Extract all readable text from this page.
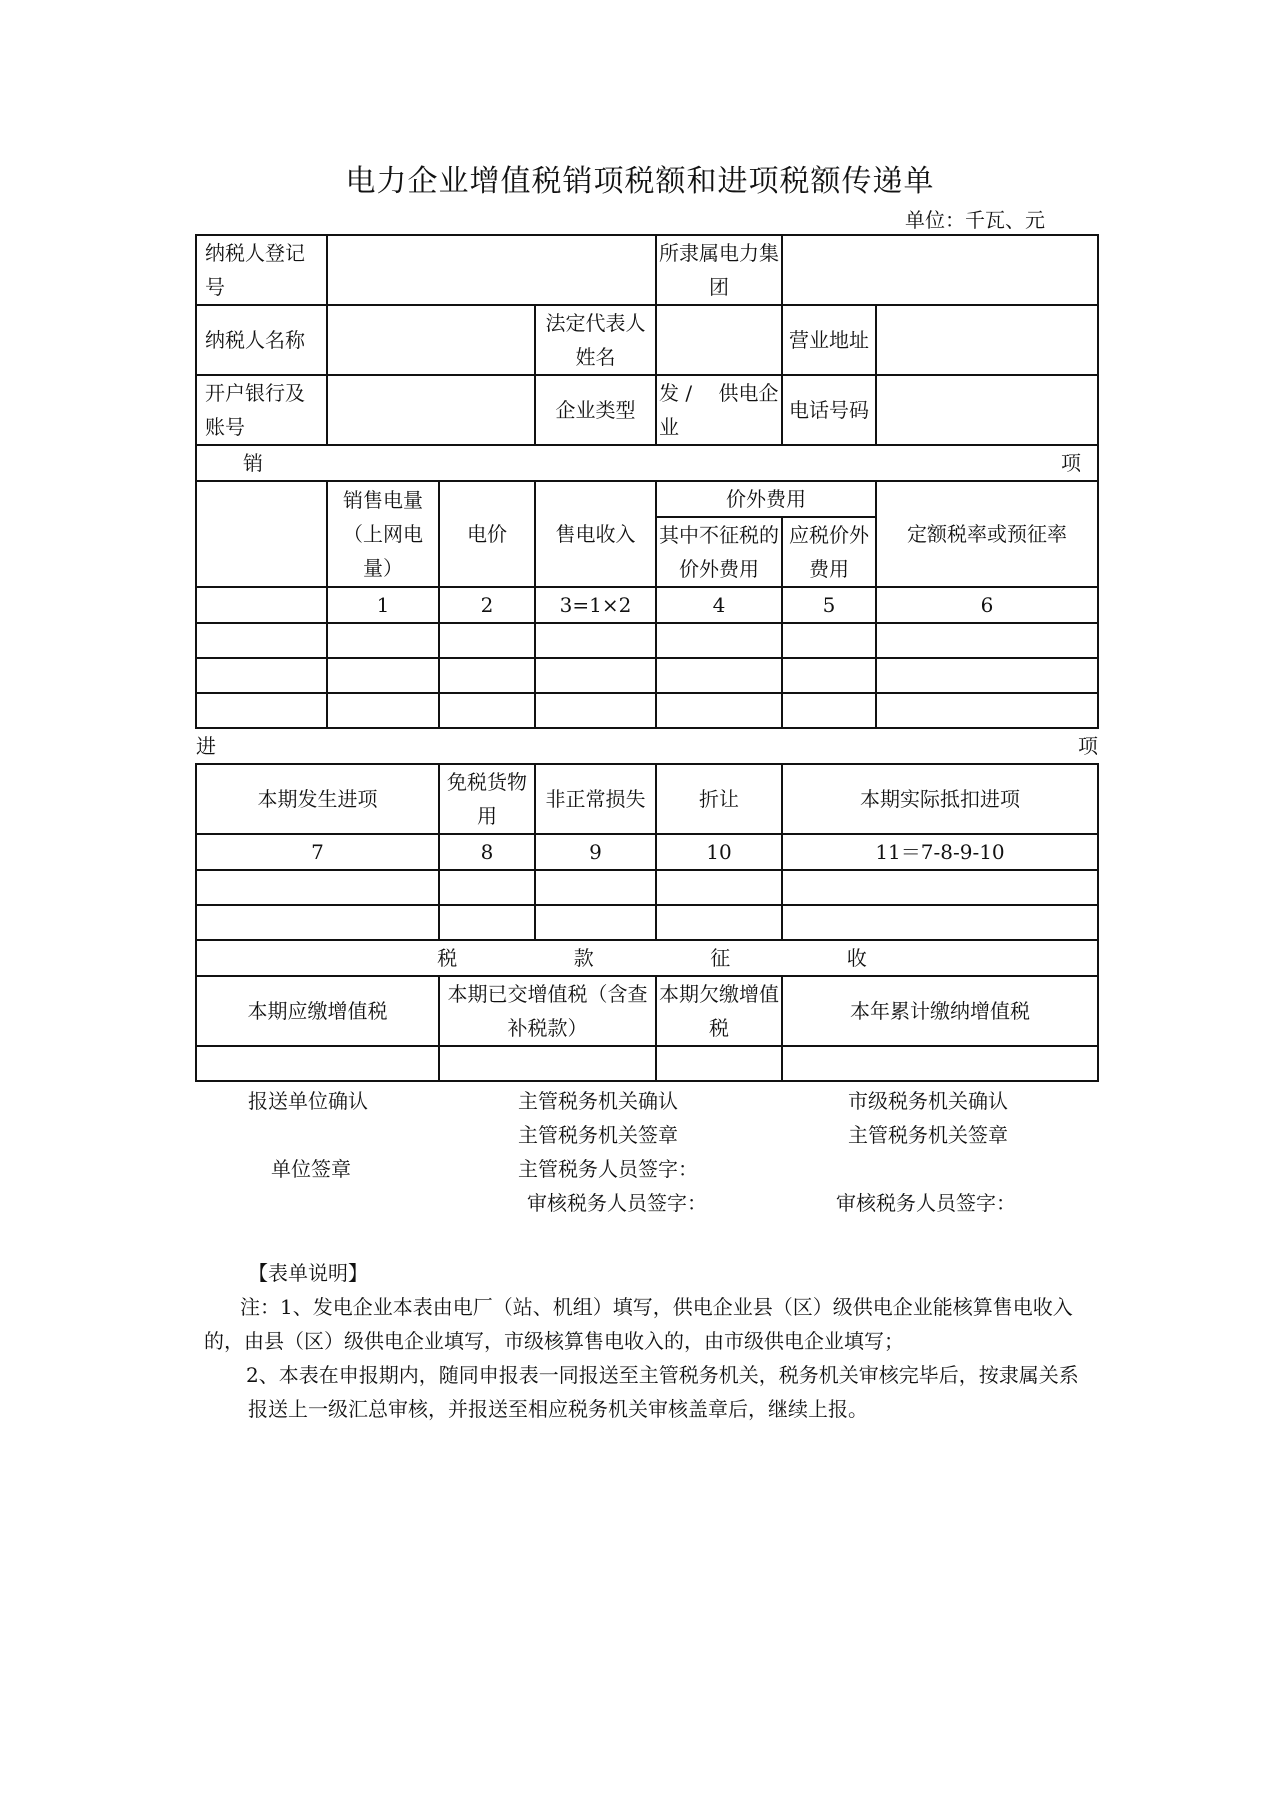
电力企业增值税销项税额和进项税额传递单
单位：千瓦、元
纳税人登记号				所隶属电力集团		
纳税人名称			法定代表人姓名		营业地址	
开户银行及账号			企业类型	发 /　 供电企业	电话号码	

销 项						

	销售电量（上网电量）	电价	售电收入	价外费用		定额税率或预征率
				其中不征税的价外费用	应税价外费用	
	1	2	3=1×2	4	5	6

进 项						

本期发生进项		免税货物用	非正常损失	折让	本期实际抵扣进项	
7		8	9	10	11＝7-8-9-10	

税 款 征 收						

本期应缴增值税		本期已交增值税（含查补税款）		本期欠缴增值税	本年累计缴纳增值税	

报送单位确认
单位签章
主管税务机关确认
主管税务机关签章
主管税务人员签字：
审核税务人员签字：
市级税务机关确认
主管税务机关签章
审核税务人员签字：

【表单说明】

注：1、发电企业本表由电厂（站、机组）填写，供电企业县（区）级供电企业能核算售电收入的，由县（区）级供电企业填写，市级核算售电收入的，由市级供电企业填写；

2、本表在申报期内，随同申报表一同报送至主管税务机关，税务机关审核完毕后，按隶属关系报送上一级汇总审核，并报送至相应税务机关审核盖章后，继续上报。
